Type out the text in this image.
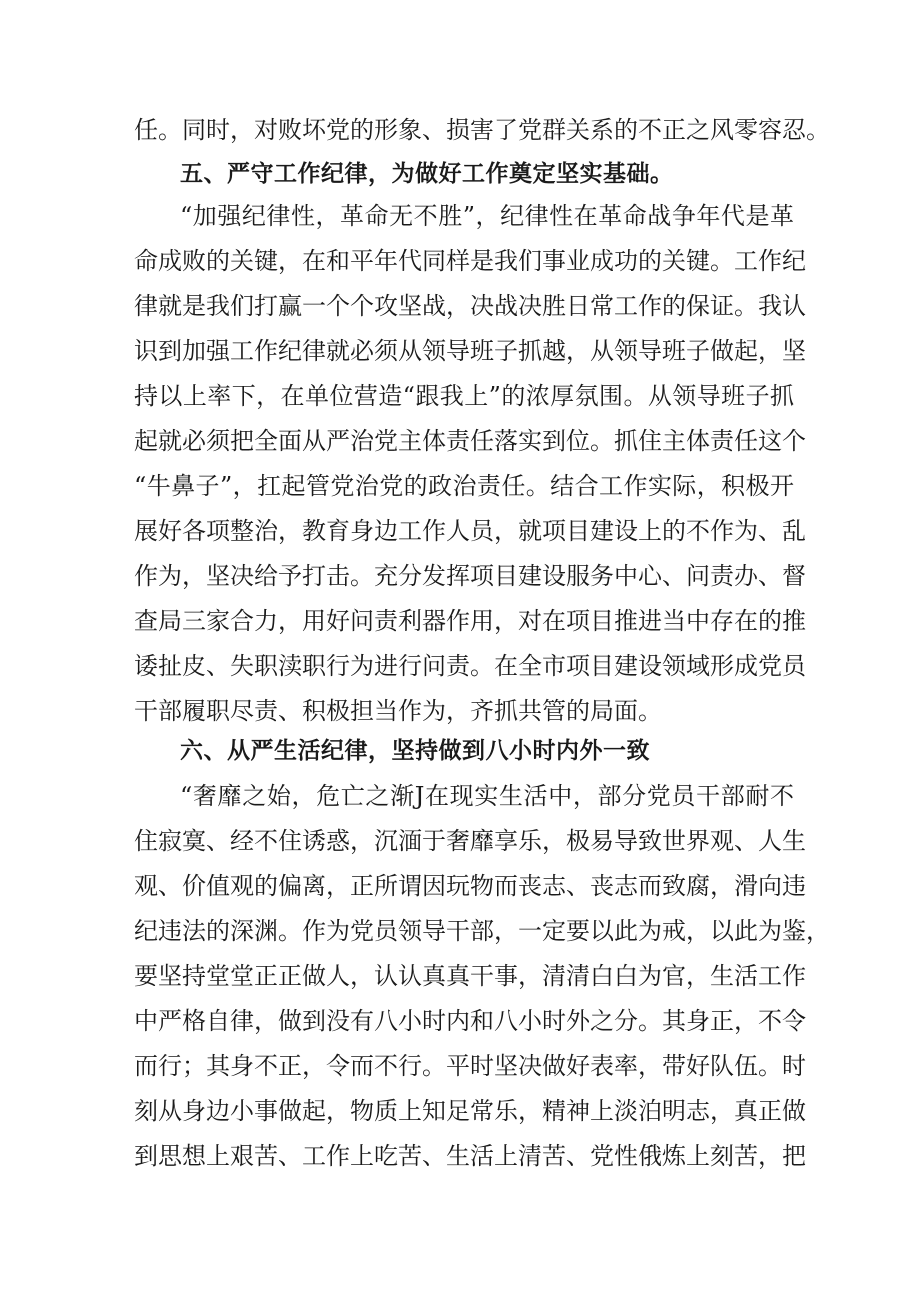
任。同时，对败坏党的形象、损害了党群关系的不正之风零容忍。
五、严守工作纪律，为做好工作奠定坚实基础。
“加强纪律性，革命无不胜”，纪律性在革命战争年代是革
命成败的关键，在和平年代同样是我们事业成功的关键。工作纪
律就是我们打赢一个个攻坚战，决战决胜日常工作的保证。我认
识到加强工作纪律就必须从领导班子抓越，从领导班子做起，坚
持以上率下，在单位营造“跟我上”的浓厚氛围。从领导班子抓
起就必须把全面从严治党主体责任落实到位。抓住主体责任这个
“牛鼻子”，扛起管党治党的政治责任。结合工作实际，积极开
展好各项整治，教育身边工作人员，就项目建设上的不作为、乱
作为，坚决给予打击。充分发挥项目建设服务中心、问责办、督
查局三家合力，用好问责利器作用，对在项目推进当中存在的推
诿扯皮、失职渎职行为进行问责。在全市项目建设领域形成党员
干部履职尽责、积极担当作为，齐抓共管的局面。
六、从严生活纪律，坚持做到八小时内外一致
“奢靡之始，危亡之渐J在现实生活中，部分党员干部耐不
住寂寞、经不住诱惑，沉湎于奢靡享乐，极易导致世界观、人生
观、价值观的偏离，正所谓因玩物而丧志、丧志而致腐，滑向违
纪违法的深渊。作为党员领导干部，一定要以此为戒，以此为鉴，
要坚持堂堂正正做人，认认真真干事，清清白白为官，生活工作
中严格自律，做到没有八小时内和八小时外之分。其身正，不令
而行；其身不正，令而不行。平时坚决做好表率，带好队伍。时
刻从身边小事做起，物质上知足常乐，精神上淡泊明志，真正做
到思想上艰苦、工作上吃苦、生活上清苦、党性俄炼上刻苦，把
